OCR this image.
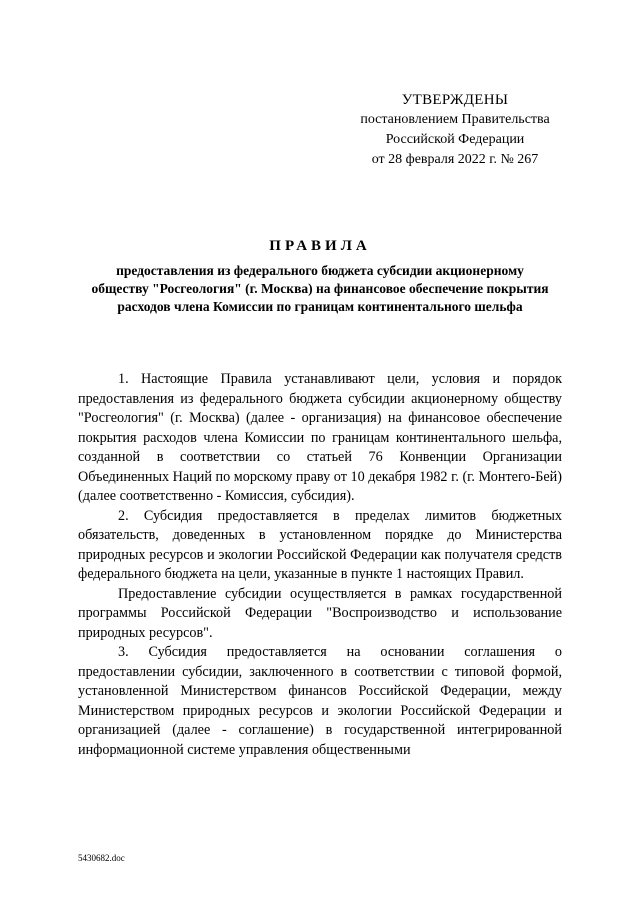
УТВЕРЖДЕНЫ
постановлением Правительства
Российской Федерации
от 28 февраля 2022 г. № 267
ПРАВИЛА
предоставления из федерального бюджета субсидии акционерному обществу "Росгеология" (г. Москва) на финансовое обеспечение покрытия расходов члена Комиссии по границам континентального шельфа

1. Настоящие Правила устанавливают цели, условия и порядок предоставления из федерального бюджета субсидии акционерному обществу "Росгеология" (г. Москва) (далее - организация) на финансовое обеспечение покрытия расходов члена Комиссии по границам континентального шельфа, созданной в соответствии со статьей 76 Конвенции Организации Объединенных Наций по морскому праву от 10 декабря 1982 г. (г. Монтего-Бей) (далее соответственно - Комиссия, субсидия).

2. Субсидия предоставляется в пределах лимитов бюджетных обязательств, доведенных в установленном порядке до Министерства природных ресурсов и экологии Российской Федерации как получателя средств федерального бюджета на цели, указанные в пункте 1 настоящих Правил.

Предоставление субсидии осуществляется в рамках государственной программы Российской Федерации "Воспроизводство и использование природных ресурсов".

3. Субсидия предоставляется на основании соглашения о предоставлении субсидии, заключенного в соответствии с типовой формой, установленной Министерством финансов Российской Федерации, между Министерством природных ресурсов и экологии Российской Федерации и организацией (далее - соглашение) в государственной интегрированной информационной системе управления общественными

5430682.doc
